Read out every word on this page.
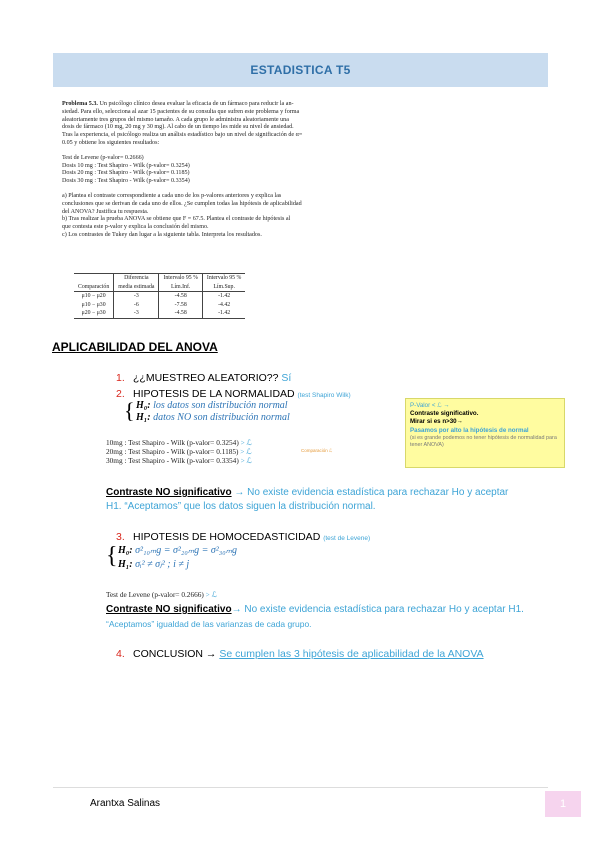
ESTADISTICA T5

Problema 5.3. Un psicólogo clínico desea evaluar la eficacia de un fármaco para reducir la an-

siedad. Para ello, selecciona al azar 15 pacientes de su consulta que sufren este problema y forma

aleatoriamente tres grupos del mismo tamaño. A cada grupo le administra aleatoriamente una

dosis de fármaco (10 mg, 20 mg y 30 mg). Al cabo de un tiempo les mide su nivel de ansiedad.

Tras la experiencia, el psicólogo realiza un análisis estadístico bajo un nivel de significación de α=

0.05 y obtiene los siguientes resultados:

Test de Levene (p-valor= 0.2666)

Dosis 10 mg : Test Shapiro - Wilk (p-valor= 0.3254)

Dosis 20 mg : Test Shapiro - Wilk (p-valor= 0.1185)

Dosis 30 mg : Test Shapiro - Wilk (p-valor= 0.3354)

a) Plantea el contraste correspondiente a cada uno de los p-valores anteriores y explica las

conclusiones que se derivan de cada uno de ellos. ¿Se cumplen todas las hipótesis de aplicabilidad

del ANOVA? Justifica tu respuesta.

b) Tras realizar la prueba ANOVA se obtiene que F = 67.5. Plantea el contraste de hipótesis al

que contesta este p-valor y explica la conclusión del mismo.

c) Los contrastes de Tukey dan lugar a la siguiente tabla. Interpreta los resultados.

	Diferencia	Intervalo 95 %	Intervalo 95 %
Comparación	media estimada	Lím.Inf.	Lím.Sup.
μ10 − μ20	-3	-4.58	-1.42
μ10 − μ30	-6	-7.58	-4.42
μ20 − μ30	-3	-4.58	-1.42
APLICABILIDAD DEL ANOVA
1. ¿¿MUESTREO ALEATORIO?? Sí
2. HIPOTESIS DE LA NORMALIDAD (test Shapiro Wilk)
{ H₀: los datos son distribución normal
H₁: datos NO son distribución normal
10mg : Test Shapiro - Wilk (p-valor= 0.3254) > ℒ
20mg : Test Shapiro - Wilk (p-valor= 0.1185) > ℒ
30mg : Test Shapiro - Wilk (p-valor= 0.3354) > ℒ
Comparación ℒ
P-Valor < ℒ →
Contraste significativo.
Mirar si es n>30→
Pasamos por alto la hipótesis de normal
(si es grande podemos no tener hipótesis de normalidad para tener ANOVA)
Contraste NO significativo → No existe evidencia estadística para rechazar Ho y aceptar
H1. “Aceptamos” que los datos siguen la distribución normal.
3. HIPOTESIS DE HOMOCEDASTICIDAD (test de Levene)
{ H₀: σ²₁₀ₘg = σ²₂₀ₘg = σ²₃₀ₘg
H₁: σᵢ² ≠ σⱼ² ; i ≠ j
Test de Levene (p-valor= 0.2666) > ℒ
Contraste NO significativo→ No existe evidencia estadística para rechazar Ho y aceptar H1.
“Aceptamos” igualdad de las varianzas de cada grupo.
4. CONCLUSION → Se cumplen las 3 hipótesis de aplicabilidad de la ANOVA
Arantxa Salinas	1
